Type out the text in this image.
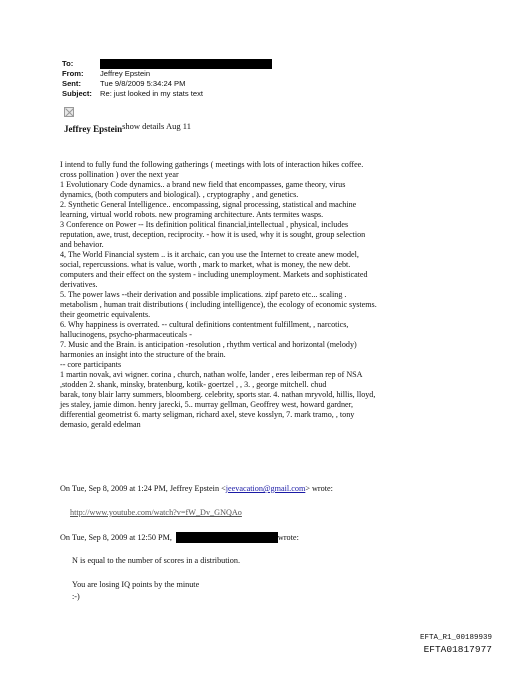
To:
From:	Jeffrey Epstein
Sent:	Tue 9/8/2009 5:34:24 PM
Subject:	Re: just looked in my stats text
Jeffrey Epsteinshow details Aug 11

I intend to fully fund the following gatherings ( meetings with lots of interaction hikes coffee.

cross pollination ) over the next year

1 Evolutionary Code dynamics.. a brand new field that encompasses, game theory, virus

dynamics, (both computers and biological). , cryptography , and genetics.

2. Synthetic General Intelligence.. encompassing, signal processing, statistical and machine

learning, virtual world robots. new programing architecture. Ants termites wasps.

3 Conference on Power -- Its definition political financial,intellectual , physical, includes

reputation, awe, trust, deception, reciprocity. - how it is used, why it is sought, group selection

and behavior.

4, The World Financial system .. is it archaic, can you use the Internet to create anew model,

social, repercussions. what is value, worth , mark to market, what is money, the new debt.

computers and their effect on the system - including unemployment. Markets and sophisticated

derivatives.

5. The power laws --their derivation and possible implications. zipf pareto etc... scaling .

metabolism , human trait distributions ( including intelligence), the ecology of economic systems.

their geometric equivalents.

6. Why happiness is overrated. -- cultural definitions contentment fulfillment, , narcotics,

hallucinogens, psycho-pharmaceuticals -

7. Music and the Brain. is anticipation -resolution , rhythm vertical and horizontal (melody)

harmonies an insight into the structure of the brain.

-- core participants

1 martin novak, avi wigner. corina , church, nathan wolfe, lander , eres leiberman rep of NSA

,stodden 2. shank, minsky, bratenburg, kotik- goertzel , , 3. , george mitchell. chud

barak, tony blair larry summers, bloomberg. celebrity, sports star. 4. nathan mryvold, hillis, lloyd,

jes staley, jamie dimon. henry jarecki, 5.. murray gellman, Geoffrey west, howard gardner,

differential geometrist 6. marty seligman, richard axel, steve kosslyn, 7. mark tramo, , tony

demasio, gerald edelman

On Tue, Sep 8, 2009 at 1:24 PM, Jeffrey Epstein <jeevacation@gmail.com> wrote:
http://www.youtube.com/watch?v=fW_Dv_GNQAo
On Tue, Sep 8, 2009 at 12:50 PM,	wrote:
N is equal to the number of scores in a distribution.
You are losing IQ points by the minute
:-)
EFTA_R1_00189939
EFTA01817977
